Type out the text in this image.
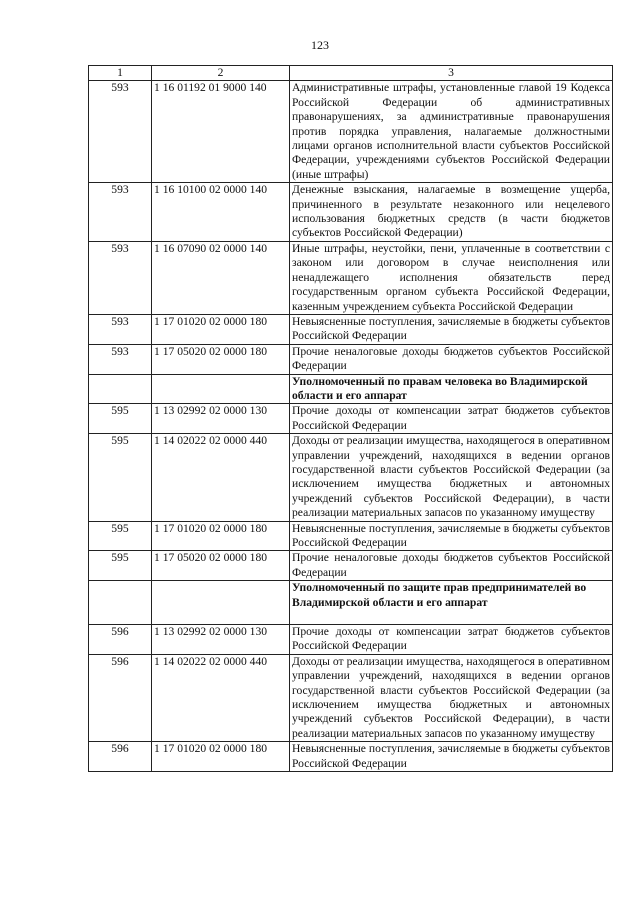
123
1	2	3
593	1 16 01192 01 9000 140	Административные штрафы, установленные главой 19 Кодекса Российской Федерации об административных правонарушениях, за административные правонарушения против порядка управления, налагаемые должностными лицами органов исполнительной власти субъектов Российской Федерации, учреждениями субъектов Российской Федерации (иные штрафы)
593	1 16 10100 02 0000 140	Денежные взыскания, налагаемые в возмещение ущерба, причиненного в результате незаконного или нецелевого использования бюджетных средств (в части бюджетов субъектов Российской Федерации)
593	1 16 07090 02 0000 140	Иные штрафы, неустойки, пени, уплаченные в соответствии с законом или договором в случае неисполнения или ненадлежащего исполнения обязательств перед государственным органом субъекта Российской Федерации, казенным учреждением субъекта Российской Федерации
593	1 17 01020 02 0000 180	Невыясненные поступления, зачисляемые в бюджеты субъектов Российской Федерации
593	1 17 05020 02 0000 180	Прочие неналоговые доходы бюджетов субъектов Российской Федерации
		Уполномоченный по правам человека во Владимирской области и его аппарат
595	1 13 02992 02 0000 130	Прочие доходы от компенсации затрат бюджетов субъектов Российской Федерации
595	1 14 02022 02 0000 440	Доходы от реализации имущества, находящегося в оперативном управлении учреждений, находящихся в ведении органов государственной власти субъектов Российской Федерации (за исключением имущества бюджетных и автономных учреждений субъектов Российской Федерации), в части реализации материальных запасов по указанному имуществу
595	1 17 01020 02 0000 180	Невыясненные поступления, зачисляемые в бюджеты субъектов Российской Федерации
595	1 17 05020 02 0000 180	Прочие неналоговые доходы бюджетов субъектов Российской Федерации
		Уполномоченный по защите прав предпринимателей во Владимирской области и его аппарат
596	1 13 02992 02 0000 130	Прочие доходы от компенсации затрат бюджетов субъектов Российской Федерации
596	1 14 02022 02 0000 440	Доходы от реализации имущества, находящегося в оперативном управлении учреждений, находящихся в ведении органов государственной власти субъектов Российской Федерации (за исключением имущества бюджетных и автономных учреждений субъектов Российской Федерации), в части реализации материальных запасов по указанному имуществу
596	1 17 01020 02 0000 180	Невыясненные поступления, зачисляемые в бюджеты субъектов Российской Федерации
